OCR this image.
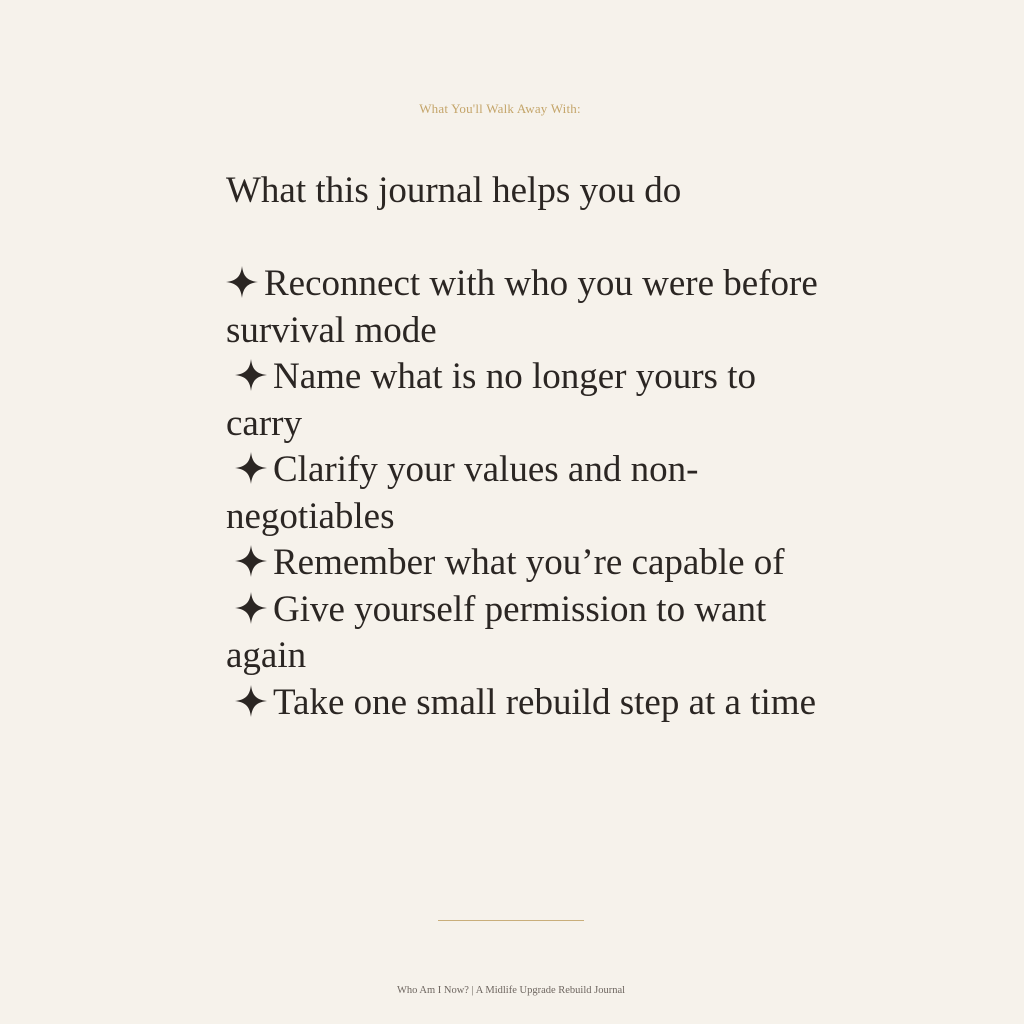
What You'll Walk Away With:
What this journal helps you do
Reconnect with who you were before survival mode
Name what is no longer yours to carry
Clarify your values and non-negotiables
Remember what you’re capable of
Give yourself permission to want again
Take one small rebuild step at a time
Who Am I Now? | A Midlife Upgrade Rebuild Journal
